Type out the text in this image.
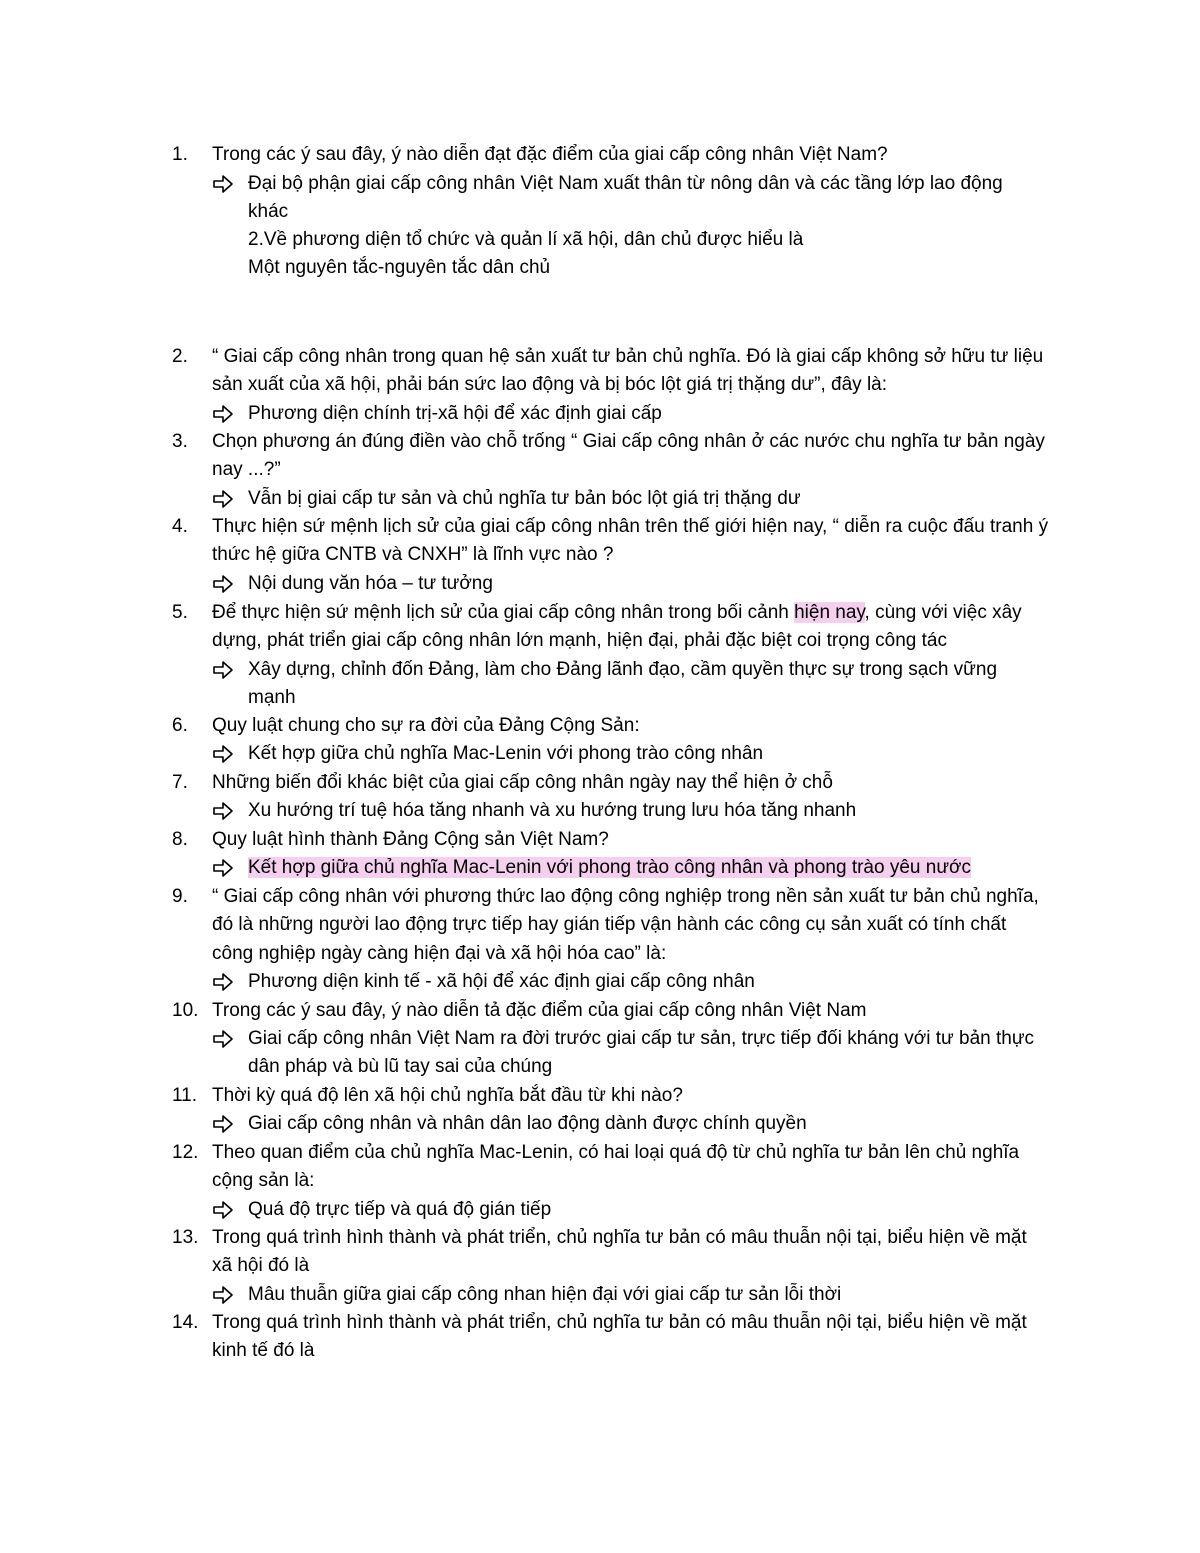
1. Trong các ý sau đây, ý nào diễn đạt đặc điểm của giai cấp công nhân Việt Nam?
Đại bộ phận giai cấp công nhân Việt Nam xuất thân từ nông dân và các tầng lớp lao động khác
2.Về phương diện tổ chức và quản lí xã hội, dân chủ được hiểu là
Một nguyên tắc-nguyên tắc dân chủ
2. “ Giai cấp công nhân trong quan hệ sản xuất tư bản chủ nghĩa. Đó là giai cấp không sở hữu tư liệu sản xuất của xã hội, phải bán sức lao động và bị bóc lột giá trị thặng dư”, đây là:
Phương diện chính trị-xã hội để xác định giai cấp
3. Chọn phương án đúng điền vào chỗ trống “ Giai cấp công nhân ở các nước chu nghĩa tư bản ngày nay ...?”
Vẫn bị giai cấp tư sản và chủ nghĩa tư bản bóc lột giá trị thặng dư
4. Thực hiện sứ mệnh lịch sử của giai cấp công nhân trên thế giới hiện nay, “ diễn ra cuộc đấu tranh ý thức hệ giữa CNTB và CNXH” là lĩnh vực nào ?
Nội dung văn hóa – tư tưởng
5. Để thực hiện sứ mệnh lịch sử của giai cấp công nhân trong bối cảnh hiện nay, cùng với việc xây dựng, phát triển giai cấp công nhân lớn mạnh, hiện đại, phải đặc biệt coi trọng công tác
Xây dựng, chỉnh đốn Đảng, làm cho Đảng lãnh đạo, cầm quyền thực sự trong sạch vững mạnh
6. Quy luật chung cho sự ra đời của Đảng Cộng Sản:
Kết hợp giữa chủ nghĩa Mac-Lenin với phong trào công nhân
7. Những biến đổi khác biệt của giai cấp công nhân ngày nay thể hiện ở chỗ
Xu hướng trí tuệ hóa tăng nhanh và xu hướng trung lưu hóa tăng nhanh
8. Quy luật hình thành Đảng Cộng sản Việt Nam?
Kết hợp giữa chủ nghĩa Mac-Lenin với phong trào công nhân và phong trào yêu nước
9. “ Giai cấp công nhân với phương thức lao động công nghiệp trong nền sản xuất tư bản chủ nghĩa, đó là những người lao động trực tiếp hay gián tiếp vận hành các công cụ sản xuất có tính chất công nghiệp ngày càng hiện đại và xã hội hóa cao” là:
Phương diện kinh tế - xã hội để xác định giai cấp công nhân
10. Trong các ý sau đây, ý nào diễn tả đặc điểm của giai cấp công nhân Việt Nam
Giai cấp công nhân Việt Nam ra đời trước giai cấp tư sản, trực tiếp đối kháng với tư bản thực dân pháp và bù lũ tay sai của chúng
11. Thời kỳ quá độ lên xã hội chủ nghĩa bắt đầu từ khi nào?
Giai cấp công nhân và nhân dân lao động dành được chính quyền
12. Theo quan điểm của chủ nghĩa Mac-Lenin, có hai loại quá độ từ chủ nghĩa tư bản lên chủ nghĩa cộng sản là:
Quá độ trực tiếp và quá độ gián tiếp
13. Trong quá trình hình thành và phát triển, chủ nghĩa tư bản có mâu thuẫn nội tại, biểu hiện về mặt xã hội đó là
Mâu thuẫn giữa giai cấp công nhan hiện đại với giai cấp tư sản lỗi thời
14. Trong quá trình hình thành và phát triển, chủ nghĩa tư bản có mâu thuẫn nội tại, biểu hiện về mặt kinh tế đó là
